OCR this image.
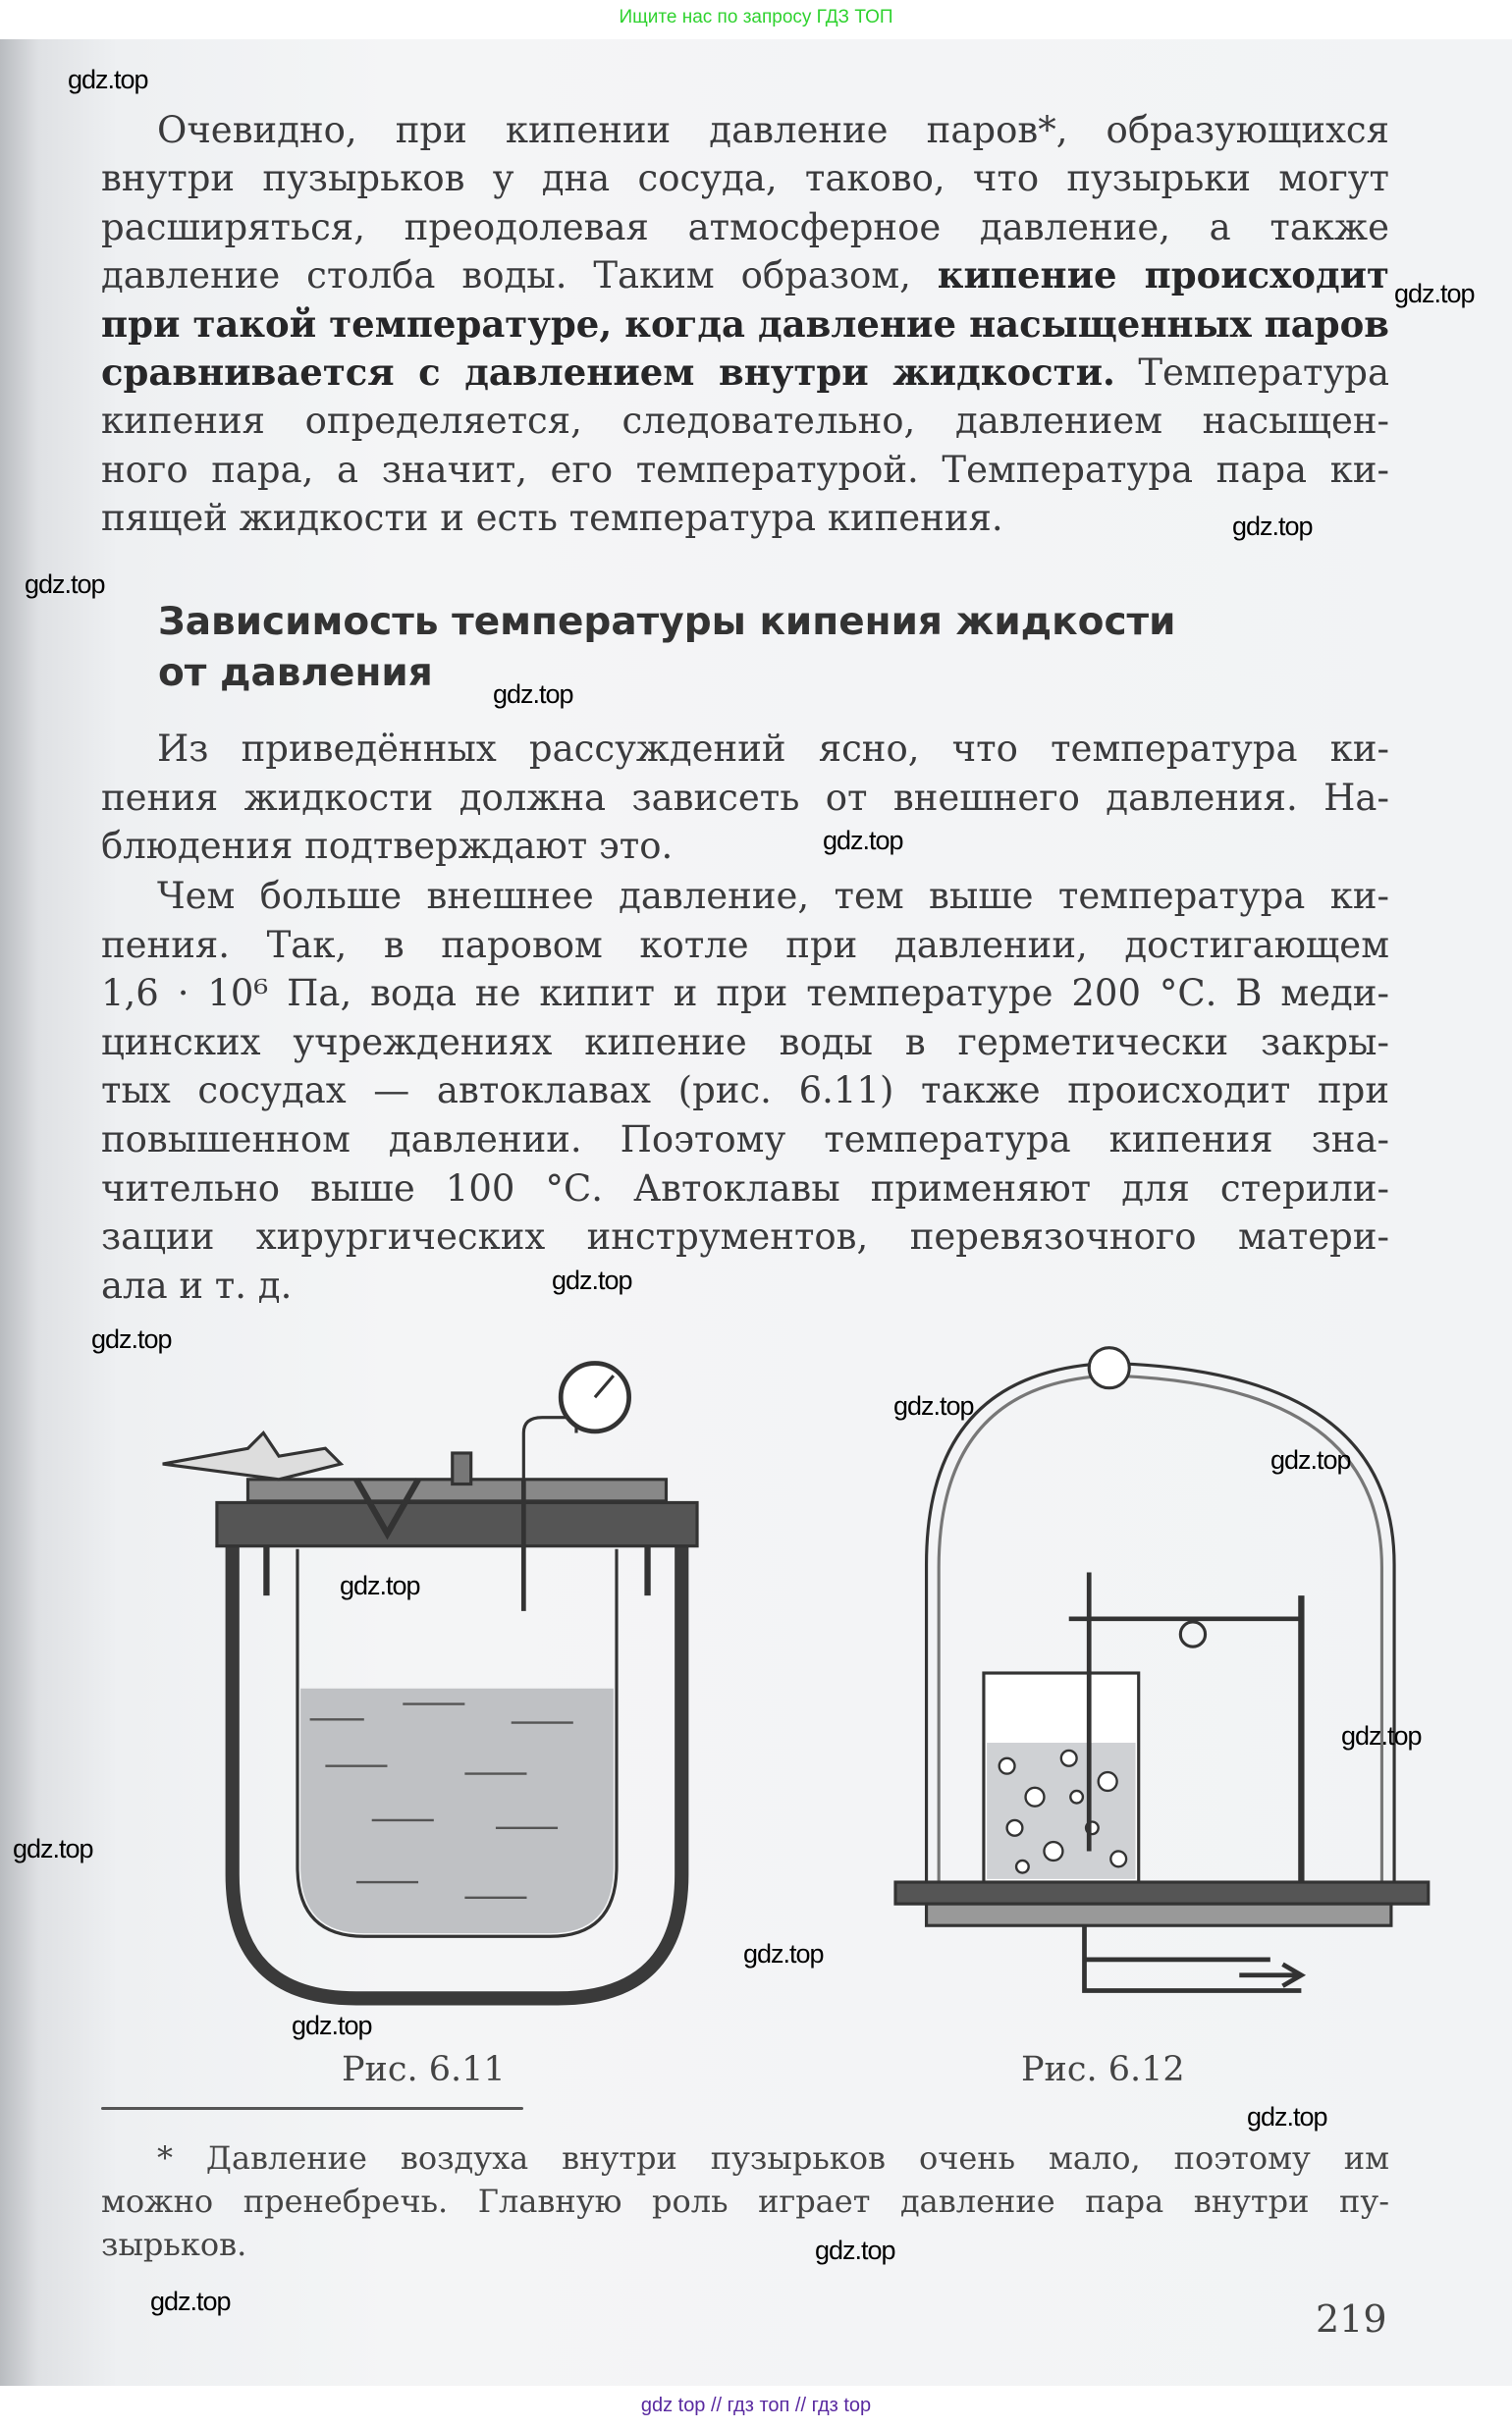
Ищите нас по запросу ГДЗ ТОП
Очевидно, при кипении давление паров*, образующихся
внутри пузырьков у дна сосуда, таково, что пузырьки могут
расширяться, преодолевая атмосферное давление, а также
давление столба воды. Таким образом, кипение происходит
при такой температуре, когда давление насыщенных паров
сравнивается с давлением внутри жидкости. Температура
кипения определяется, следовательно, давлением насыщен-
ного пара, а значит, его температурой. Температура пара ки-
пящей жидкости и есть температура кипения.
Из приведённых рассуждений ясно, что температура ки-
пения жидкости должна зависеть от внешнего давления. На-
блюдения подтверждают это.
Чем больше внешнее давление, тем выше температура ки-
пения. Так, в паровом котле при давлении, достигающем
1,6 · 10⁶ Па, вода не кипит и при температуре 200 °С. В меди-
цинских учреждениях кипение воды в герметически закры-
тых сосудах — автоклавах (рис. 6.11) также происходит при
повышенном давлении. Поэтому температура кипения зна-
чительно выше 100 °С. Автоклавы применяют для стерили-
зации хирургических инструментов, перевязочного матери-
ала и т. д.
Зависимость температуры кипения жидкости
от давления
Рис. 6.11	Рис. 6.12
* Давление воздуха внутри пузырьков очень мало, поэтому им
можно пренебречь. Главную роль играет давление пара внутри пу-
зырьков.
219
gdz.top
gdz.top
gdz.top
gdz.top
gdz.top
gdz.top
gdz.top
gdz.top
gdz.top
gdz.top
gdz.top
gdz.top
gdz.top
gdz.top
gdz.top
gdz.top
gdz.top
gdz.top
gdz top // гдз топ // гдз top
